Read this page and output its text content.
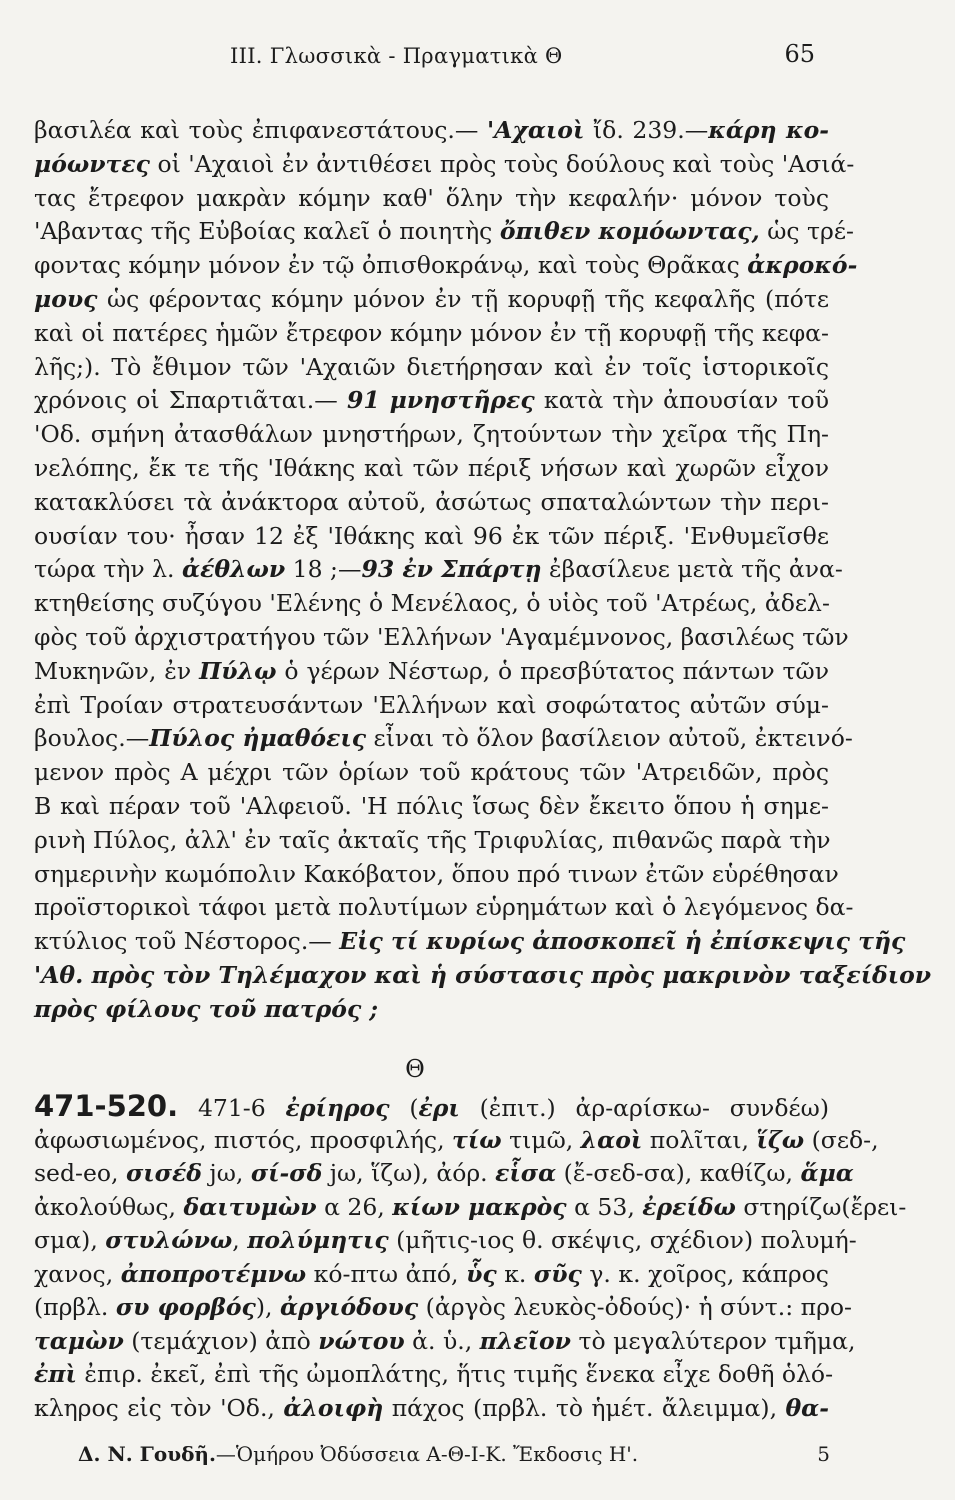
III. Γλωσσικὰ - Πραγματικὰ Θ	65
βασιλέα καὶ τοὺς ἐπιφανεστάτους.— 'Αχαιοὶ ἴδ. 239.—κάρη κο-
μόωντες οἱ 'Αχαιοὶ ἐν ἀντιθέσει πρὸς τοὺς δούλους καὶ τοὺς 'Ασιά-
τας ἔτρεφον μακρὰν κόμην καθ' ὅλην τὴν κεφαλήν· μόνον τοὺς
'Αβαντας τῆς Εὐβοίας καλεῖ ὁ ποιητὴς ὄπιθεν κομόωντας, ὡς τρέ-
φοντας κόμην μόνον ἐν τῷ ὀπισθοκράνῳ, καὶ τοὺς Θρᾶκας ἀκροκό-
μους ὡς φέροντας κόμην μόνον ἐν τῇ κορυφῇ τῆς κεφαλῆς (πότε
καὶ οἱ πατέρες ἡμῶν ἔτρεφον κόμην μόνον ἐν τῇ κορυφῇ τῆς κεφα-
λῆς;). Τὸ ἔθιμον τῶν 'Αχαιῶν διετήρησαν καὶ ἐν τοῖς ἱστορικοῖς
χρόνοις οἱ Σπαρτιᾶται.— 91 μνηστῆρες κατὰ τὴν ἀπουσίαν τοῦ
'Οδ. σμήνη ἀτασθάλων μνηστήρων, ζητούντων τὴν χεῖρα τῆς Πη-
νελόπης, ἔκ τε τῆς 'Ιθάκης καὶ τῶν πέριξ νήσων καὶ χωρῶν εἶχον
κατακλύσει τὰ ἀνάκτορα αὐτοῦ, ἀσώτως σπαταλώντων τὴν περι-
ουσίαν του· ἦσαν 12 ἐξ 'Ιθάκης καὶ 96 ἐκ τῶν πέριξ. 'Ενθυμεῖσθε
τώρα τὴν λ. ἀέθλων 18 ;—93 ἐν Σπάρτῃ ἐβασίλευε μετὰ τῆς ἀνα-
κτηθείσης συζύγου 'Ελένης ὁ Μενέλαος, ὁ υἱὸς τοῦ 'Ατρέως, ἀδελ-
φὸς τοῦ ἀρχιστρατήγου τῶν 'Ελλήνων 'Αγαμέμνονος, βασιλέως τῶν
Μυκηνῶν, ἐν Πύλῳ ὁ γέρων Νέστωρ, ὁ πρεσβύτατος πάντων τῶν
ἐπὶ Τροίαν στρατευσάντων 'Ελλήνων καὶ σοφώτατος αὐτῶν σύμ-
βουλος.—Πύλος ἠμαθόεις εἶναι τὸ ὅλον βασίλειον αὐτοῦ, ἐκτεινό-
μενον πρὸς Α μέχρι τῶν ὁρίων τοῦ κράτους τῶν 'Ατρειδῶν, πρὸς
Β καὶ πέραν τοῦ 'Αλφειοῦ. 'Η πόλις ἴσως δὲν ἔκειτο ὅπου ἡ σημε-
ρινὴ Πύλος, ἀλλ' ἐν ταῖς ἀκταῖς τῆς Τριφυλίας, πιθανῶς παρὰ τὴν
σημερινὴν κωμόπολιν Κακόβατον, ὅπου πρό τινων ἐτῶν εὑρέθησαν
προϊστορικοὶ τάφοι μετὰ πολυτίμων εὑρημάτων καὶ ὁ λεγόμενος δα-
κτύλιος τοῦ Νέστορος.— Εἰς τί κυρίως ἀποσκοπεῖ ἡ ἐπίσκεψις τῆς
'Αθ. πρὸς τὸν Τηλέμαχον καὶ ἡ σύστασις πρὸς μακρινὸν ταξείδιον
πρὸς φίλους τοῦ πατρός ;
Θ
471-520. 471-6 ἐρίηρος (ἐρι (ἐπιτ.) ἀρ-αρίσκω- συνδέω)
ἀφωσιωμένος, πιστός, προσφιλής, τίω τιμῶ, λαοὶ πολῖται, ἵζω (σεδ-,
sed-eo, σισέδ jω, σί-σδ jω, ἵζω), ἀόρ. εἷσα (ἔ-σεδ-σα), καθίζω, ἅμα
ἀκολούθως, δαιτυμὼν α 26, κίων μακρὸς α 53, ἐρείδω στηρίζω(ἔρει-
σμα), στυλώνω, πολύμητις (μῆτις-ιος θ. σκέψις, σχέδιον) πολυμή-
χανος, ἀποπροτέμνω κό-πτω ἀπό, ὗς κ. σῦς γ. κ. χοῖρος, κάπρος
(πρβλ. συ φορβός), ἀργιόδους (ἀργὸς λευκὸς-ὀδούς)· ἡ σύντ.: προ-
ταμὼν (τεμάχιον) ἀπὸ νώτου ἀ. ὑ., πλεῖον τὸ μεγαλύτερον τμῆμα,
ἐπὶ ἐπιρ. ἐκεῖ, ἐπὶ τῆς ὠμοπλάτης, ἥτις τιμῆς ἕνεκα εἶχε δοθῆ ὁλό-
κληρος εἰς τὸν 'Οδ., ἀλοιφὴ πάχος (πρβλ. τὸ ἡμέτ. ἄλειμμα), θα-
Δ. Ν. Γουδῆ.—Ὁμήρου Ὀδύσσεια Α-Θ-Ι-Κ. Ἔκδοσις Η'.	5
